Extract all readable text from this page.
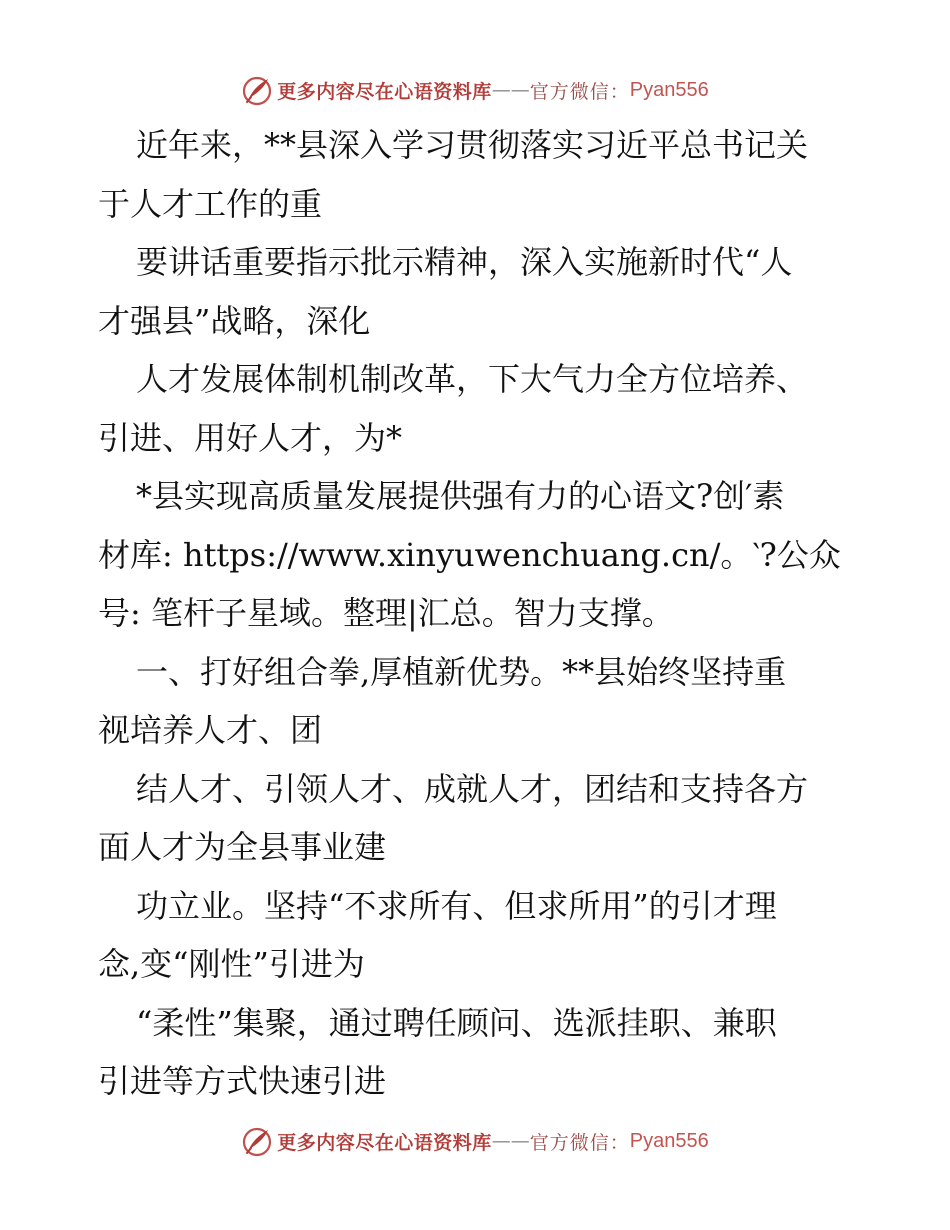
更多内容尽在心语资料库 —— 官方微信： Pyan556
近年来，**县深入学习贯彻落实习近平总书记关
于人才工作的重
要讲话重要指示批示精神，深入实施新时代“人
才强县”战略，深化
人才发展体制机制改革，下大气力全方位培养、
引进、用好人才，为*
*县实现高质量发展提供强有力的心语文?创′素
材库: https://www.xinyuwenchuang.cn/。‵?公众
号: 笔杆子星域。整理|汇总。智力支撑。
一、打好组合拳,厚植新优势。**县始终坚持重
视培养人才、团
结人才、引领人才、成就人才，团结和支持各方
面人才为全县事业建
功立业。坚持“不求所有、但求所用”的引才理
念,变“刚性”引进为
“柔性”集聚，通过聘任顾问、选派挂职、兼职
引进等方式快速引进
更多内容尽在心语资料库 —— 官方微信： Pyan556
